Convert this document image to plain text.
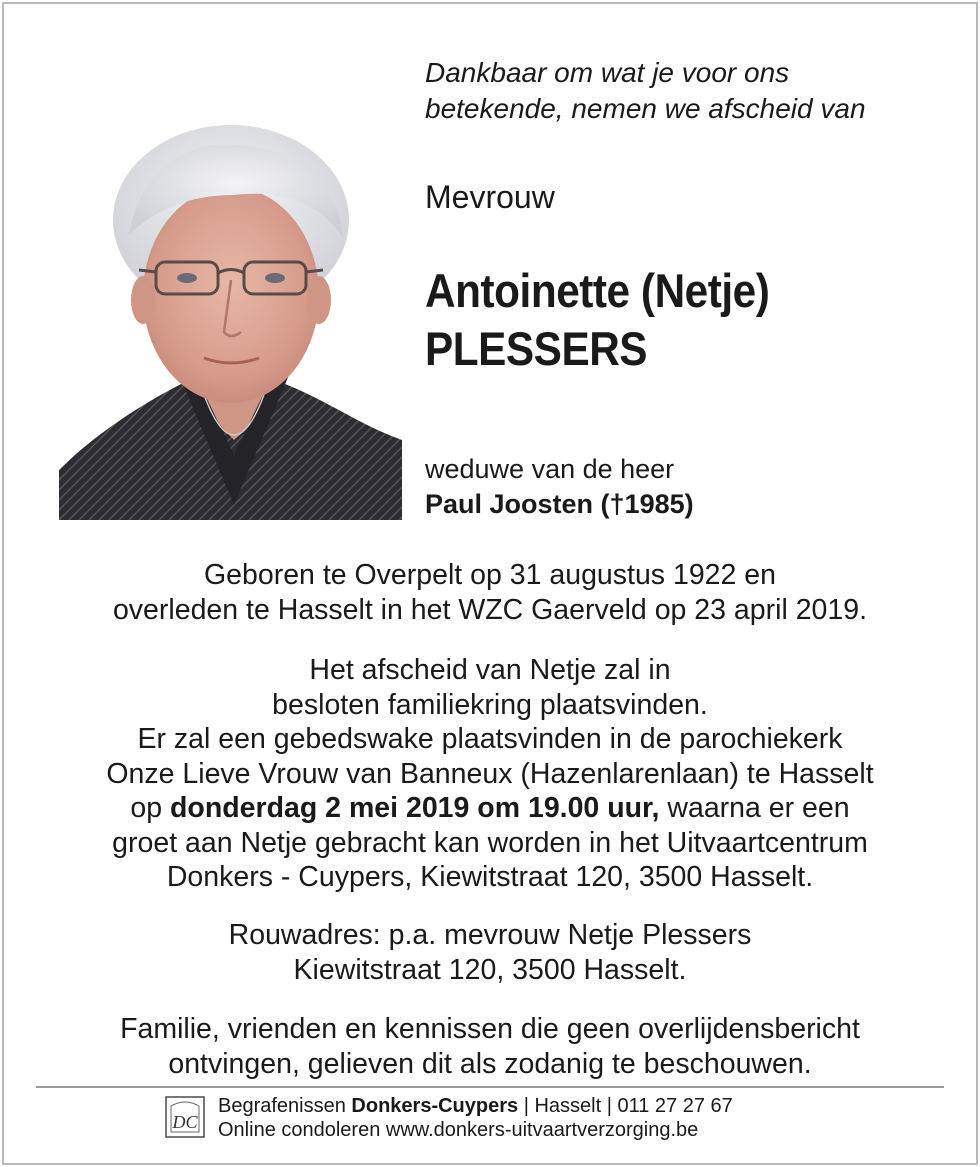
Dankbaar om wat je voor ons
betekende, nemen we afscheid van
Mevrouw
Antoinette (Netje)
PLESSERS
weduwe van de heer
Paul Joosten (†1985)

Geboren te Overpelt op 31 augustus 1922 en

overleden te Hasselt in het WZC Gaerveld op 23 april 2019.

Het afscheid van Netje zal in

besloten familiekring plaatsvinden.

Er zal een gebedswake plaatsvinden in de parochiekerk

Onze Lieve Vrouw van Banneux (Hazenlarenlaan) te Hasselt

op donderdag 2 mei 2019 om 19.00 uur, waarna er een

groet aan Netje gebracht kan worden in het Uitvaartcentrum

Donkers - Cuypers, Kiewitstraat 120, 3500 Hasselt.

Rouwadres: p.a. mevrouw Netje Plessers

Kiewitstraat 120, 3500 Hasselt.

Familie, vrienden en kennissen die geen overlijdensbericht

ontvingen, gelieven dit als zodanig te beschouwen.

DC
Begrafenissen Donkers-Cuypers | Hasselt | 011 27 27 67
Online condoleren www.donkers-uitvaartverzorging.be
